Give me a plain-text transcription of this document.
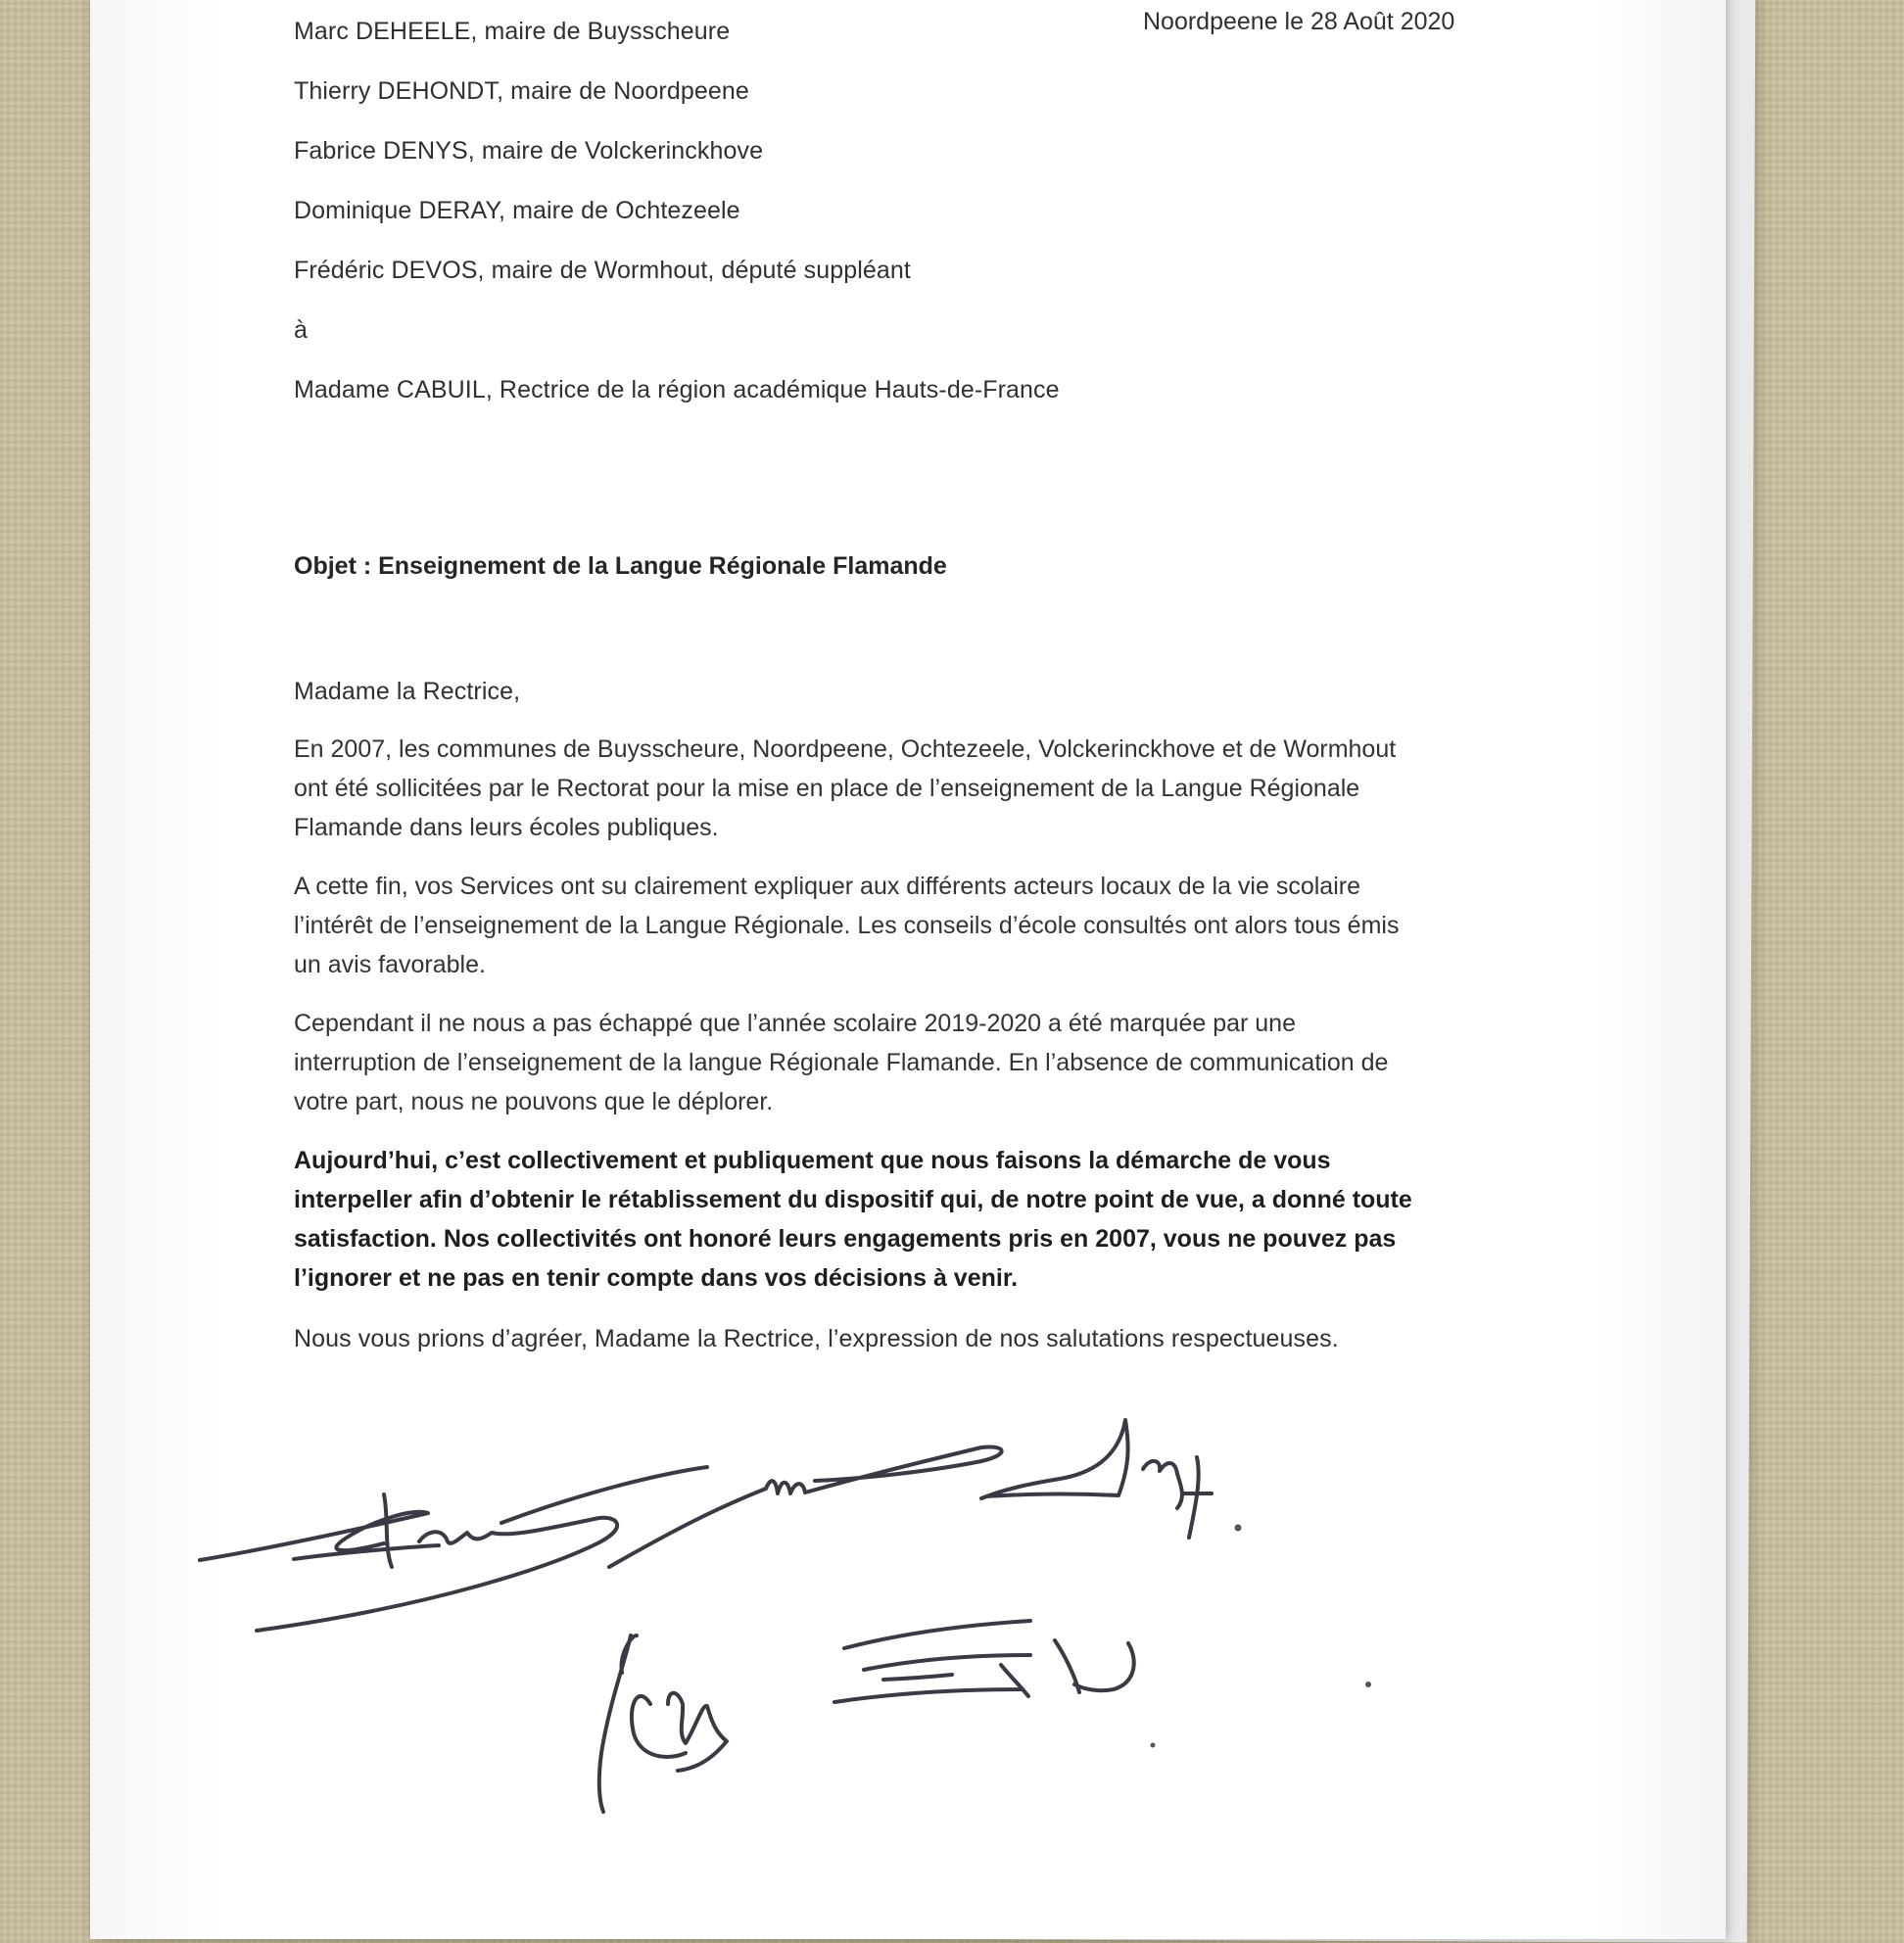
Noordpeene le 28 Août 2020
Marc DEHEELE, maire de Buysscheure
Thierry DEHONDT, maire de Noordpeene
Fabrice DENYS, maire de Volckerinckhove
Dominique DERAY, maire de Ochtezeele
Frédéric DEVOS, maire de Wormhout, député suppléant
à
Madame CABUIL, Rectrice de la région académique Hauts-de-France
Objet : Enseignement de la Langue Régionale Flamande
Madame la Rectrice,
En 2007, les communes de Buysscheure, Noordpeene, Ochtezeele, Volckerinckhove et de Wormhout
ont été sollicitées par le Rectorat pour la mise en place de l’enseignement de la Langue Régionale
Flamande dans leurs écoles publiques.
A cette fin, vos Services ont su clairement expliquer aux différents acteurs locaux de la vie scolaire
l’intérêt de l’enseignement de la Langue Régionale. Les conseils d’école consultés ont alors tous émis
un avis favorable.
Cependant il ne nous a pas échappé que l’année scolaire 2019-2020 a été marquée par une
interruption de l’enseignement de la langue Régionale Flamande. En l’absence de communication de
votre part, nous ne pouvons que le déplorer.
Aujourd’hui, c’est collectivement et publiquement que nous faisons la démarche de vous
interpeller afin d’obtenir le rétablissement du dispositif qui, de notre point de vue, a donné toute
satisfaction. Nos collectivités ont honoré leurs engagements pris en 2007, vous ne pouvez pas
l’ignorer et ne pas en tenir compte dans vos décisions à venir.
Nous vous prions d’agréer, Madame la Rectrice, l’expression de nos salutations respectueuses.
